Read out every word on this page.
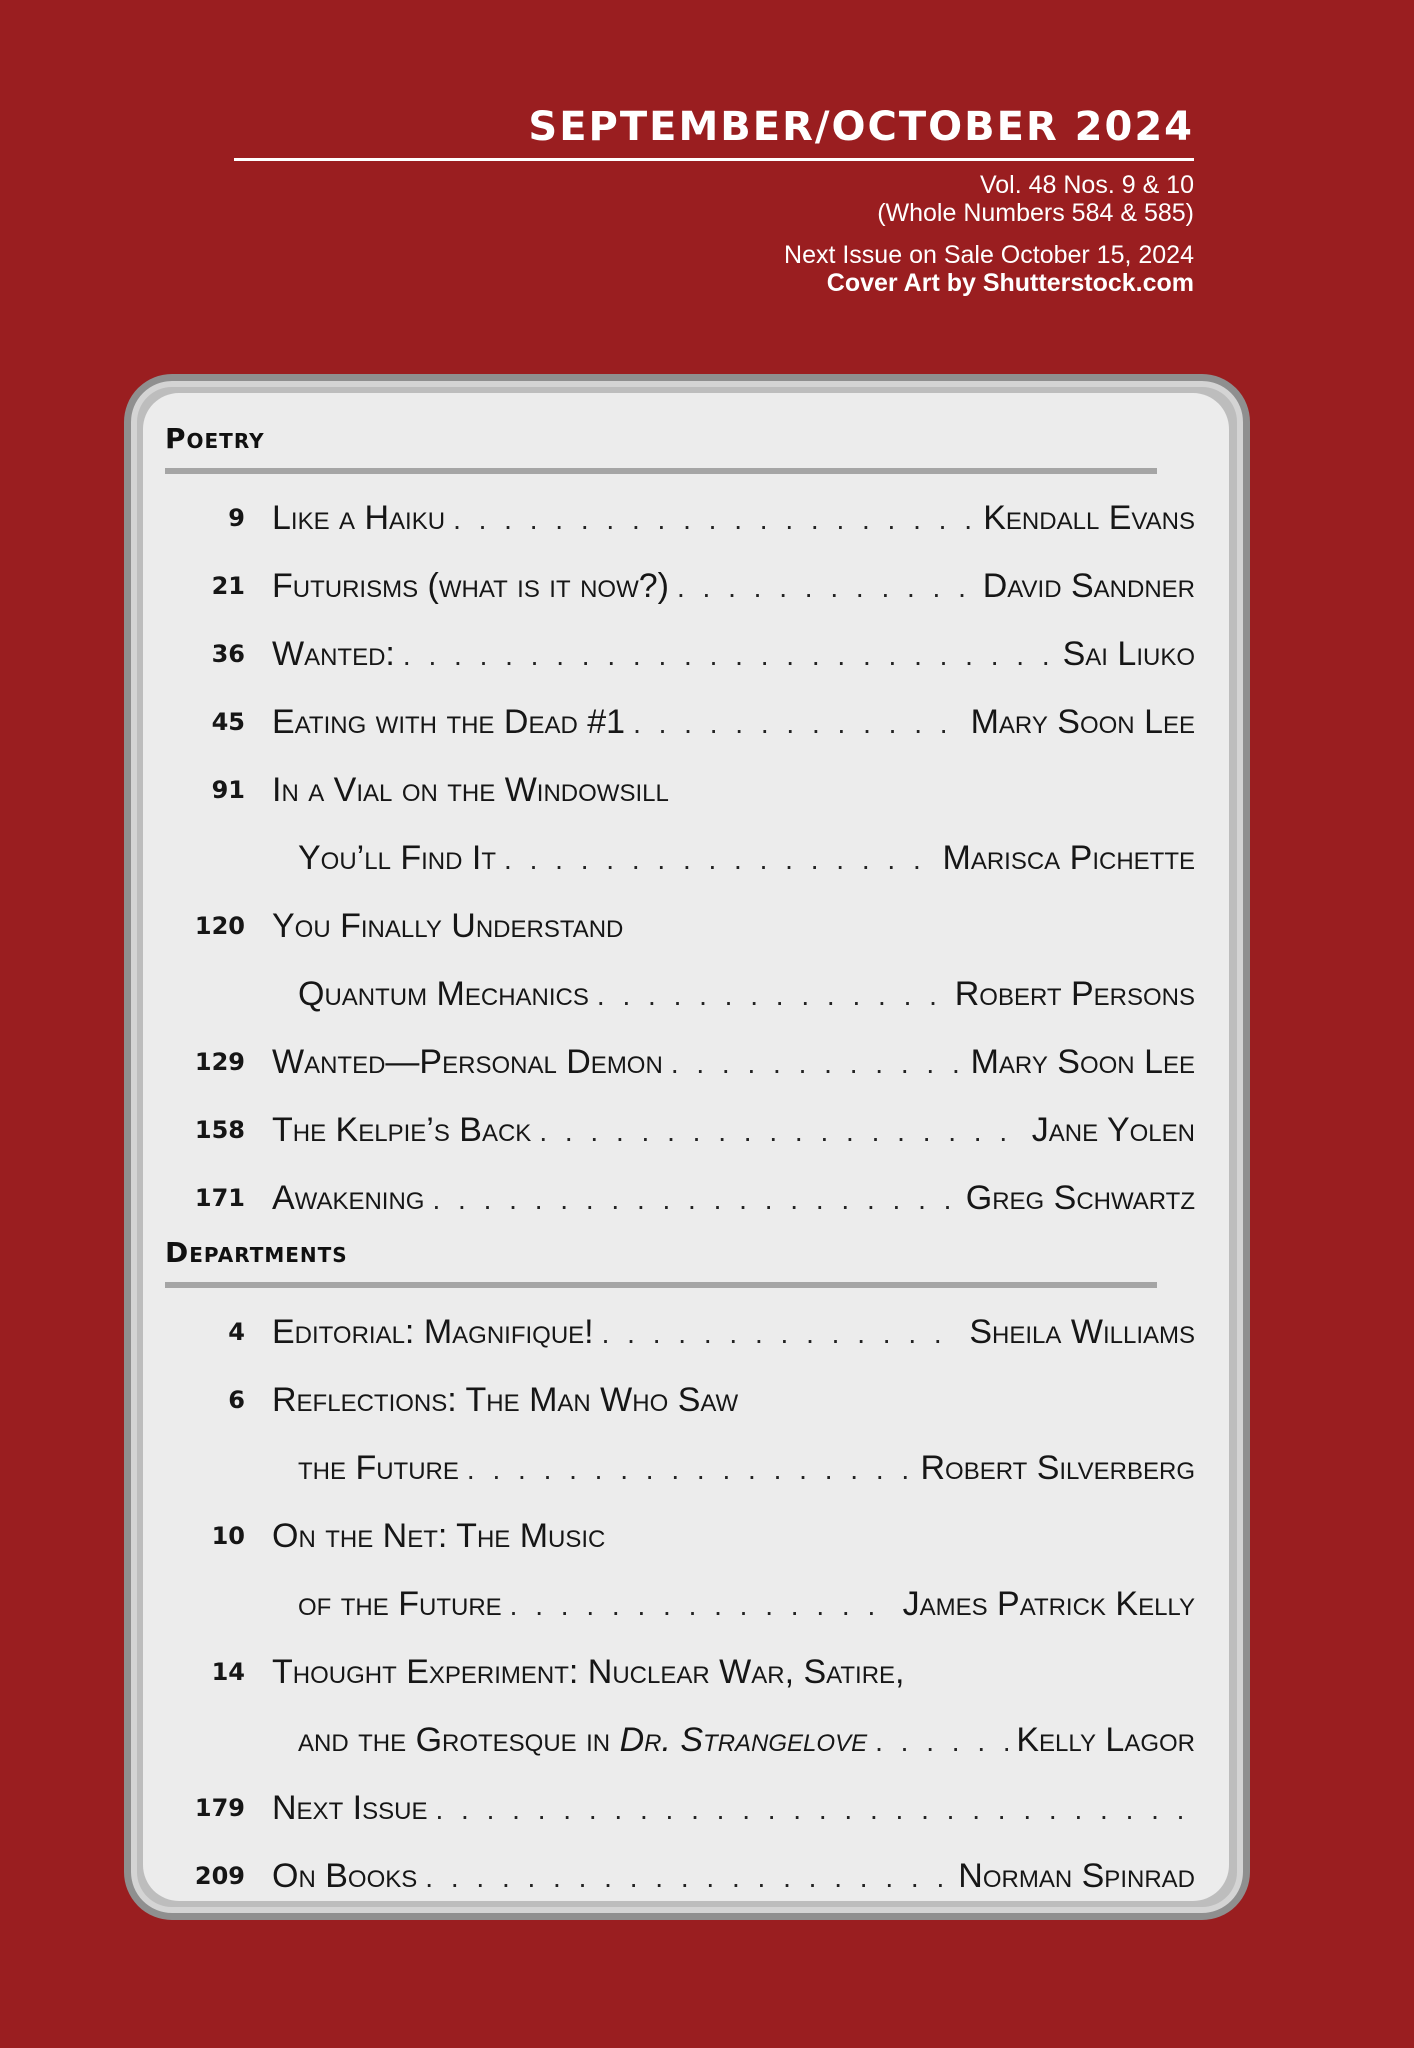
SEPTEMBER/OCTOBER 2024
Vol. 48 Nos. 9 & 10
(Whole Numbers 584 & 585)
Next Issue on Sale October 15, 2024
Cover Art by Shutterstock.com
Poetry
9 Like a Haiku . . .	Kendall Evans
21 Futurisms (what is it now?) . . .	David Sandner
36 Wanted: . . .	Sai Liuko
45 Eating with the Dead #1 . . .	Mary Soon Lee
91 In a Vial on the Windowsill
You’ll Find It . . .	Marisca Pichette
120 You Finally Understand
Quantum Mechanics . . .	Robert Persons
129 Wanted—Personal Demon . . .	Mary Soon Lee
158 The Kelpie’s Back . . .	Jane Yolen
171 Awakening . . .	Greg Schwartz
Departments
4 Editorial: Magnifique! . . .	Sheila Williams
6 Reflections: The Man Who Saw
the Future . . .	Robert Silverberg
10 On the Net: The Music
of the Future . . .	James Patrick Kelly
14 Thought Experiment: Nuclear War, Satire,
and the Grotesque in Dr. Strangelove . . .	Kelly Lagor
179 Next Issue
. . .
209 On Books . . .	Norman Spinrad
